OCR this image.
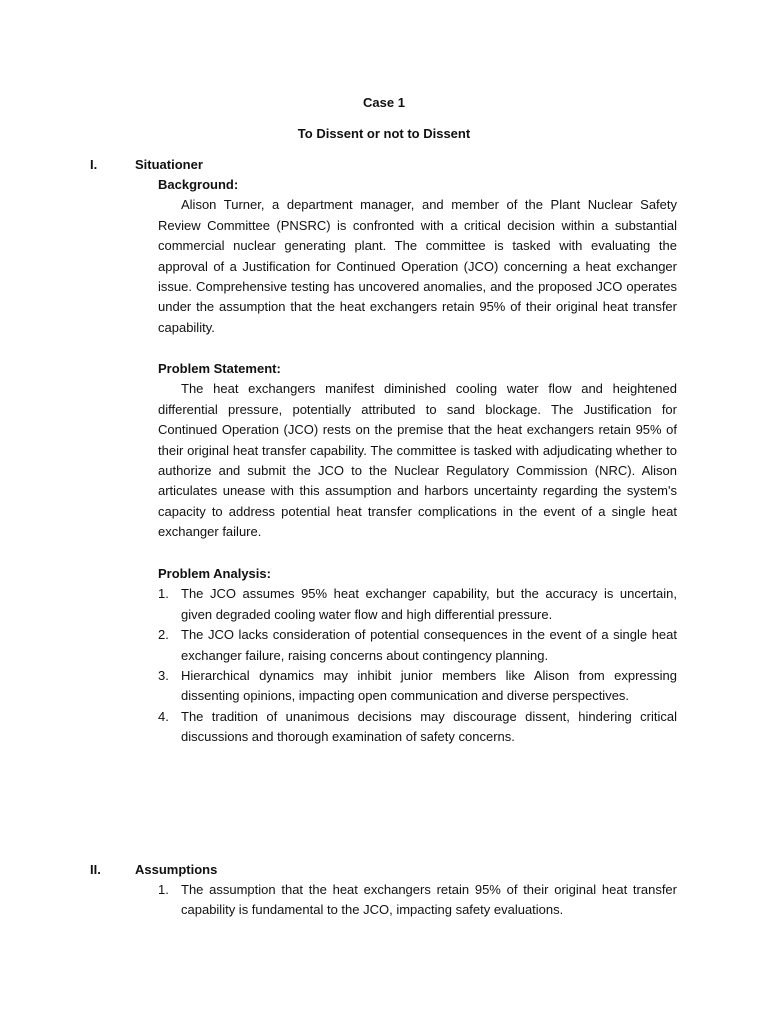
Case 1
To Dissent or not to Dissent
I.	Situationer

Background:

Alison Turner, a department manager, and member of the Plant Nuclear Safety Review Committee (PNSRC) is confronted with a critical decision within a substantial commercial nuclear generating plant. The committee is tasked with evaluating the approval of a Justification for Continued Operation (JCO) concerning a heat exchanger issue. Comprehensive testing has uncovered anomalies, and the proposed JCO operates under the assumption that the heat exchangers retain 95% of their original heat transfer capability.

Problem Statement:

The heat exchangers manifest diminished cooling water flow and heightened differential pressure, potentially attributed to sand blockage. The Justification for Continued Operation (JCO) rests on the premise that the heat exchangers retain 95% of their original heat transfer capability. The committee is tasked with adjudicating whether to authorize and submit the JCO to the Nuclear Regulatory Commission (NRC). Alison articulates unease with this assumption and harbors uncertainty regarding the system's capacity to address potential heat transfer complications in the event of a single heat exchanger failure.

Problem Analysis:

1. The JCO assumes 95% heat exchanger capability, but the accuracy is uncertain, given degraded cooling water flow and high differential pressure.
2. The JCO lacks consideration of potential consequences in the event of a single heat exchanger failure, raising concerns about contingency planning.
3. Hierarchical dynamics may inhibit junior members like Alison from expressing dissenting opinions, impacting open communication and diverse perspectives.
4. The tradition of unanimous decisions may discourage dissent, hindering critical discussions and thorough examination of safety concerns.
II.	Assumptions
1. The assumption that the heat exchangers retain 95% of their original heat transfer capability is fundamental to the JCO, impacting safety evaluations.
